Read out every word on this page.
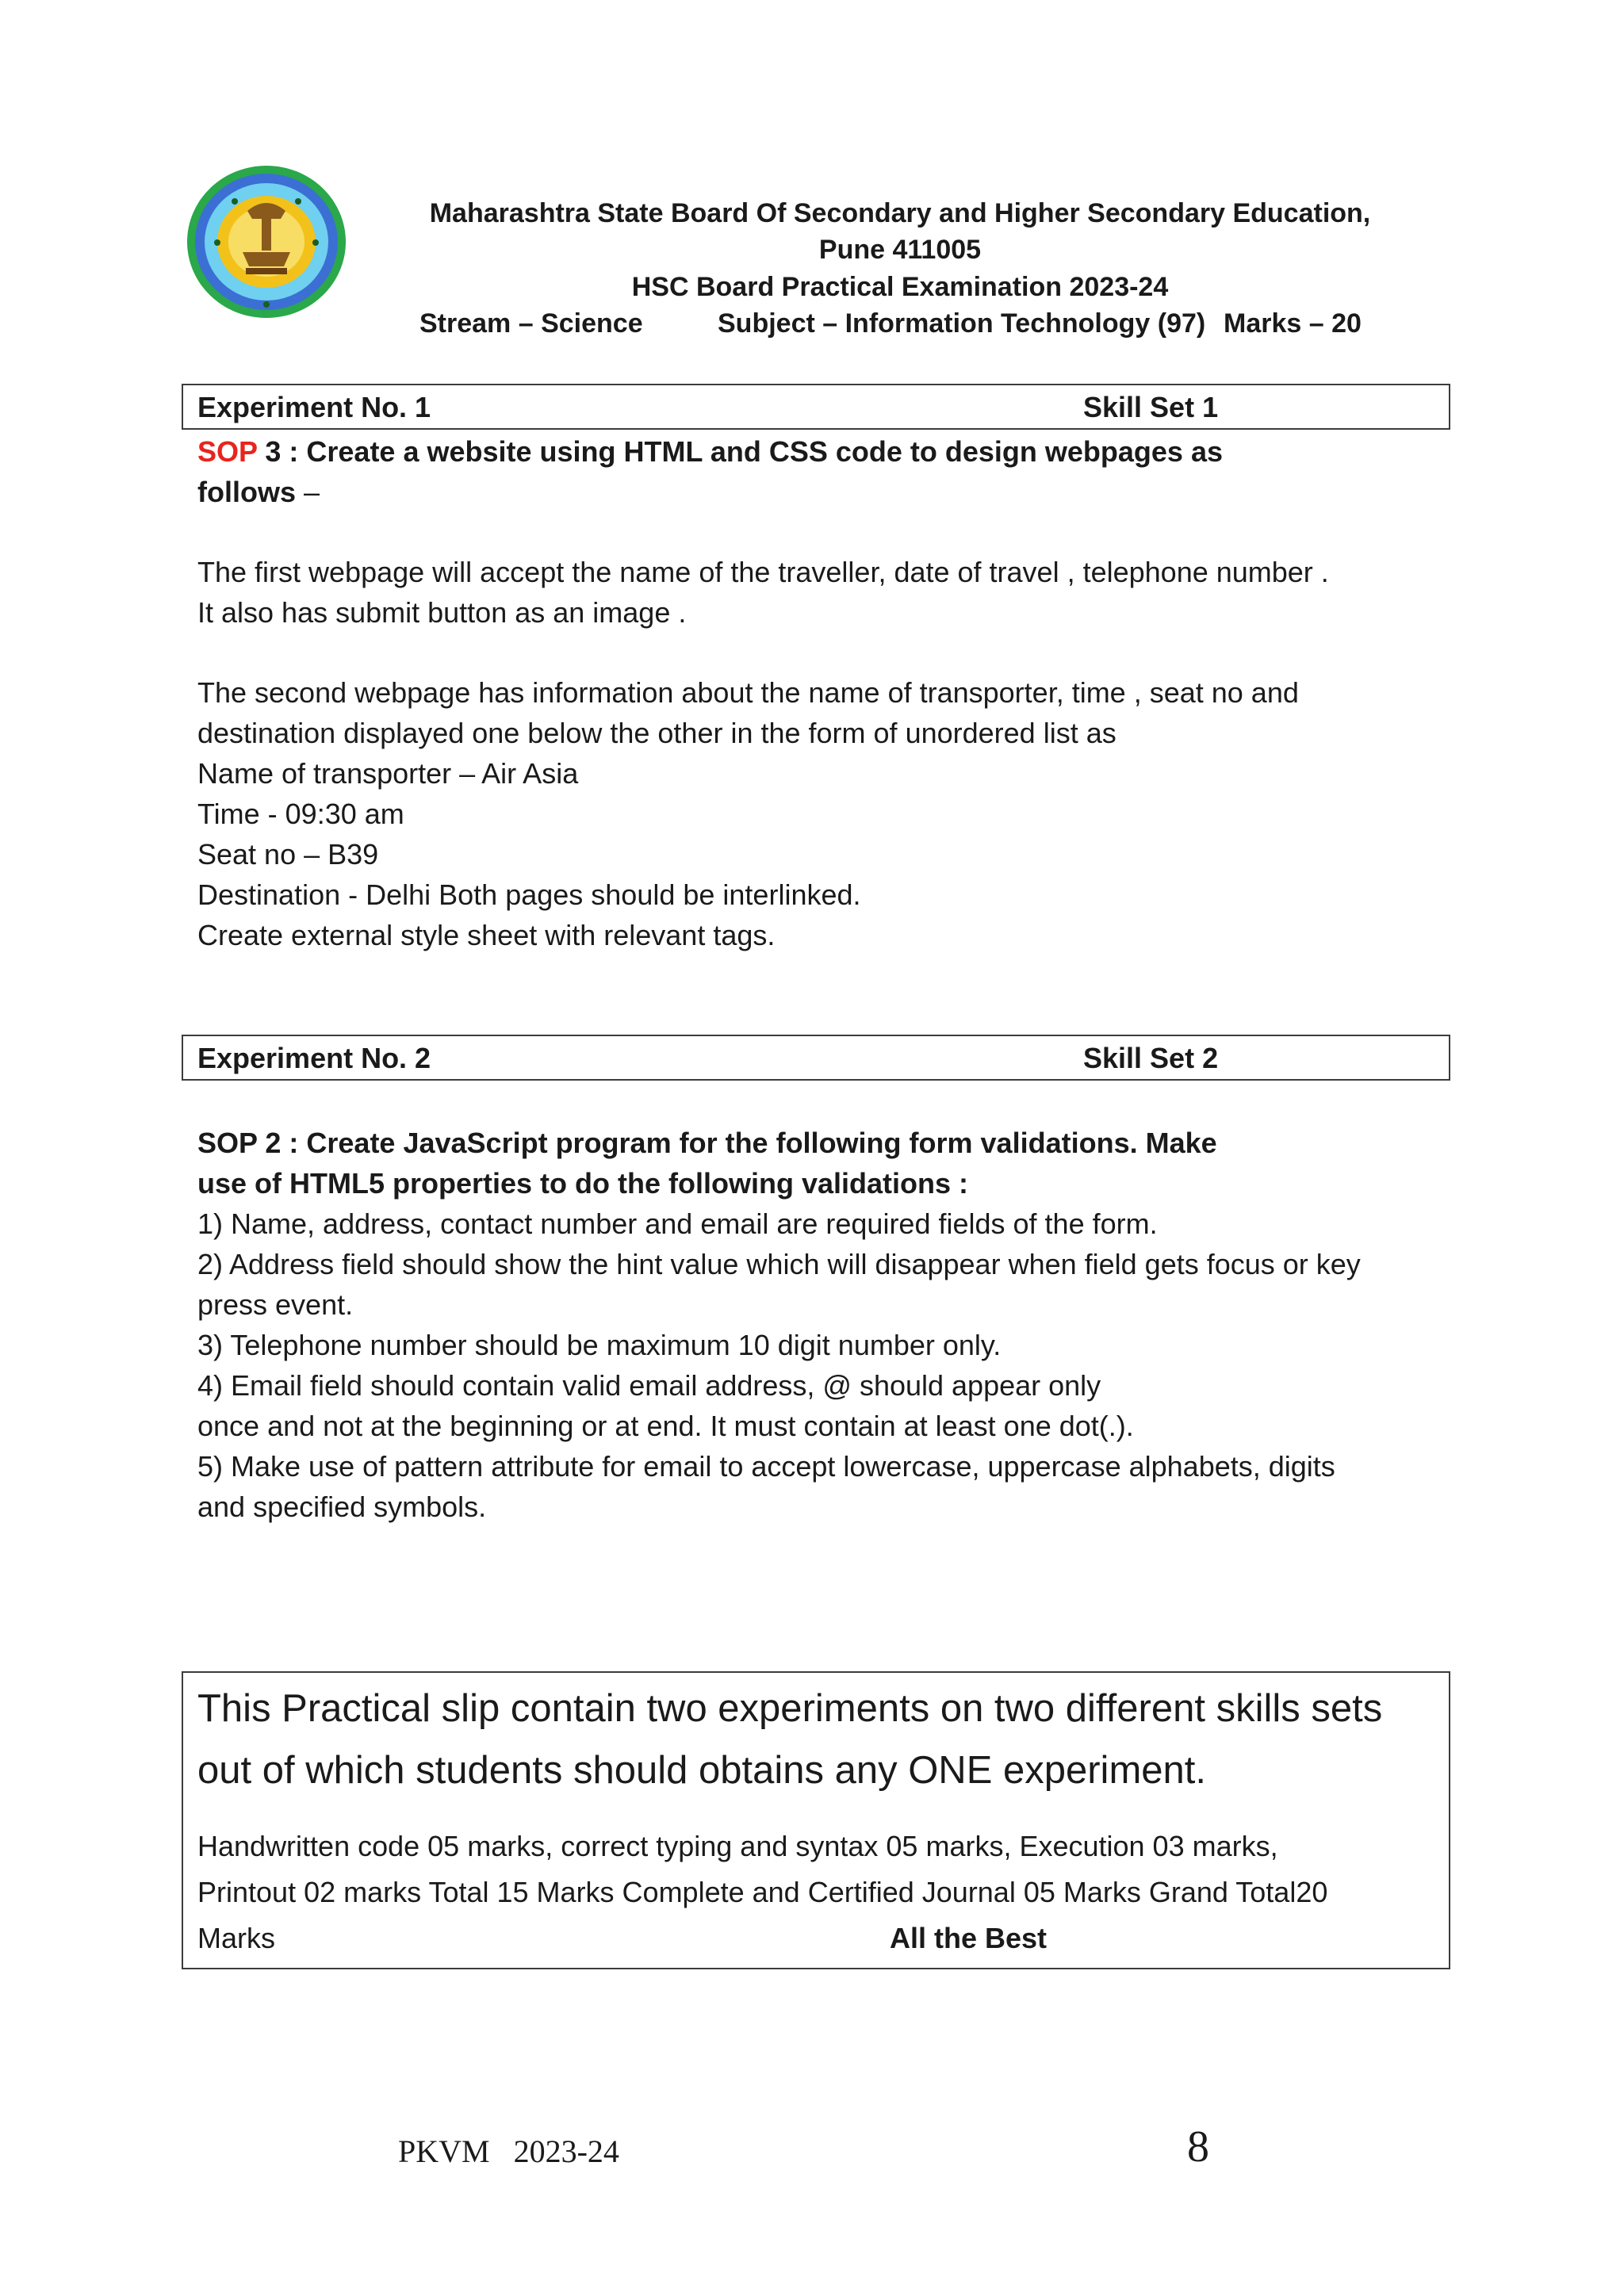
Maharashtra State Board Of Secondary and Higher Secondary Education,
Pune 411005
HSC Board Practical Examination 2023-24
Stream – Science	Subject – Information Technology (97) Marks – 20
Experiment No. 1	Skill Set 1
SOP 3 : Create a website using HTML and CSS code to design webpages as
follows –
The first webpage will accept the name of the traveller, date of travel , telephone number .
It also has submit button as an image .
The second webpage has information about the name of transporter, time , seat no and
destination displayed one below the other in the form of unordered list as
Name of transporter – Air Asia
Time - 09:30 am
Seat no – B39
Destination - Delhi Both pages should be interlinked.
Create external style sheet with relevant tags.
Experiment No. 2	Skill Set 2
SOP 2 : Create JavaScript program for the following form validations. Make
use of HTML5 properties to do the following validations :
1) Name, address, contact number and email are required fields of the form.
2) Address field should show the hint value which will disappear when field gets focus or key
press event.
3) Telephone number should be maximum 10 digit number only.
4) Email field should contain valid email address, @ should appear only
once and not at the beginning or at end. It must contain at least one dot(.).
5) Make use of pattern attribute for email to accept lowercase, uppercase alphabets, digits
and specified symbols.
This Practical slip contain two experiments on two different skills sets
out of which students should obtains any ONE experiment.
Handwritten code 05 marks, correct typing and syntax 05 marks, Execution 03 marks,
Printout 02 marks Total 15 Marks Complete and Certified Journal 05 Marks Grand Total20
Marks	All the Best
PKVM   2023-24	8
